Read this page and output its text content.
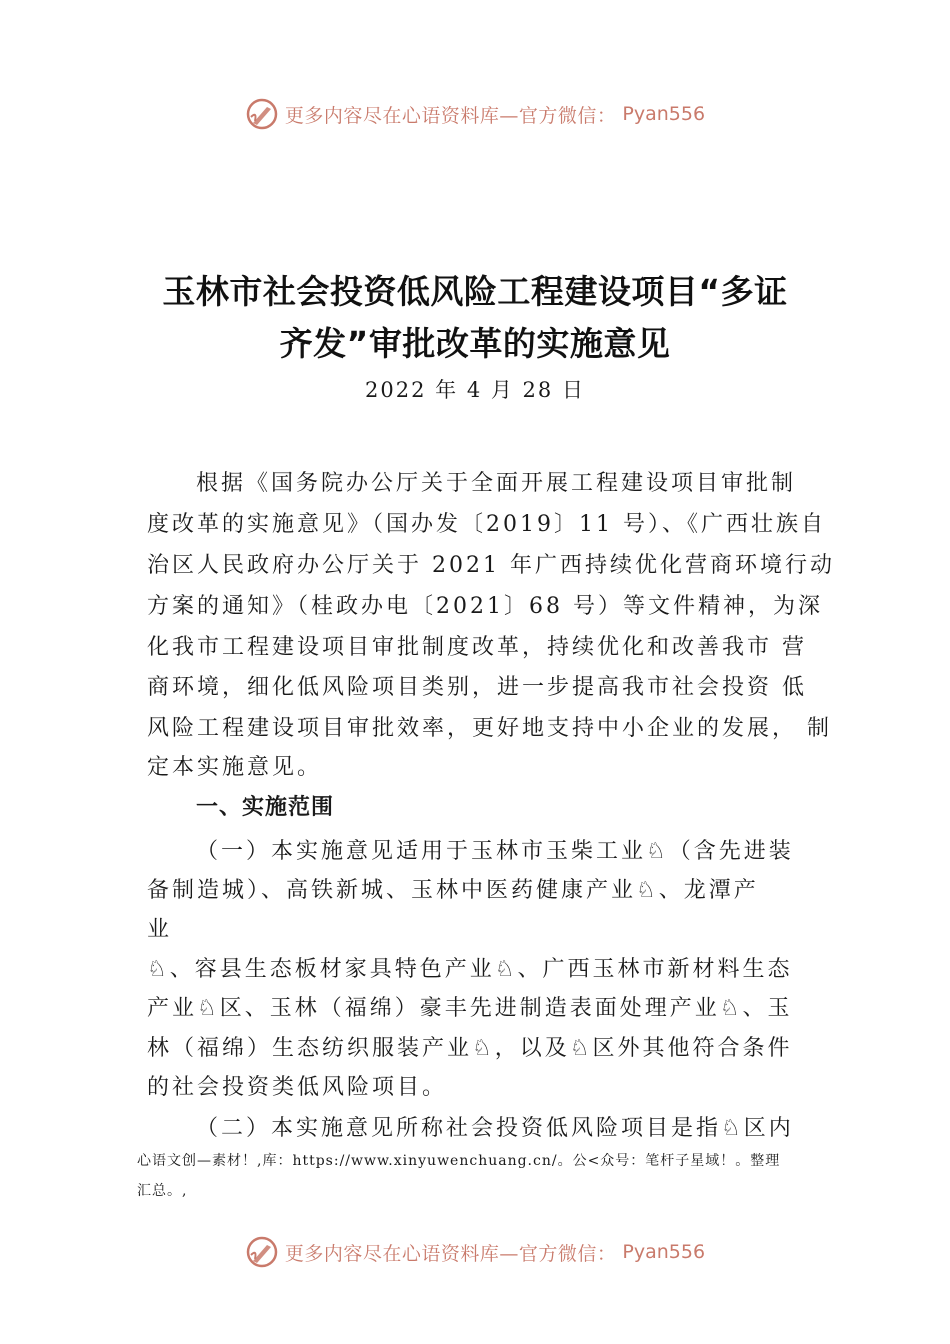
更多内容尽在心语资料库—官方微信： Pyan556
玉林市社会投资低风险工程建设项目“多证
齐发”审批改革的实施意见
2022 年 4 月 28 日
根据《国务院办公厅关于全面开展工程建设项目审批制
度改革的实施意见》（国办发〔2019〕11 号）、《广西壮族自
治区人民政府办公厅关于 2021 年广西持续优化营商环境行动
方案的通知》（桂政办电〔2021〕68 号）等文件精神，为深
化我市工程建设项目审批制度改革，持续优化和改善我市 营
商环境，细化低风险项目类别，进一步提高我市社会投资 低
风险工程建设项目审批效率，更好地支持中小企业的发展， 制
定本实施意见。
一、实施范围
（一）本实施意见适用于玉林市玉柴工业♘（含先进装
备制造城）、高铁新城、玉林中医药健康产业♘、龙潭产
业
♘、容县生态板材家具特色产业♘、广西玉林市新材料生态
产业♘区、玉林（福绵）豪丰先进制造表面处理产业♘、玉
林（福绵）生态纺织服装产业♘，以及♘区外其他符合条件
的社会投资类低风险项目。
（二）本实施意见所称社会投资低风险项目是指♘区内
心语文创—素材！,库：https://www.xinyuwenchuang.cn/。公<众号：笔杆子星域！。整理
汇总。,
更多内容尽在心语资料库—官方微信： Pyan556
